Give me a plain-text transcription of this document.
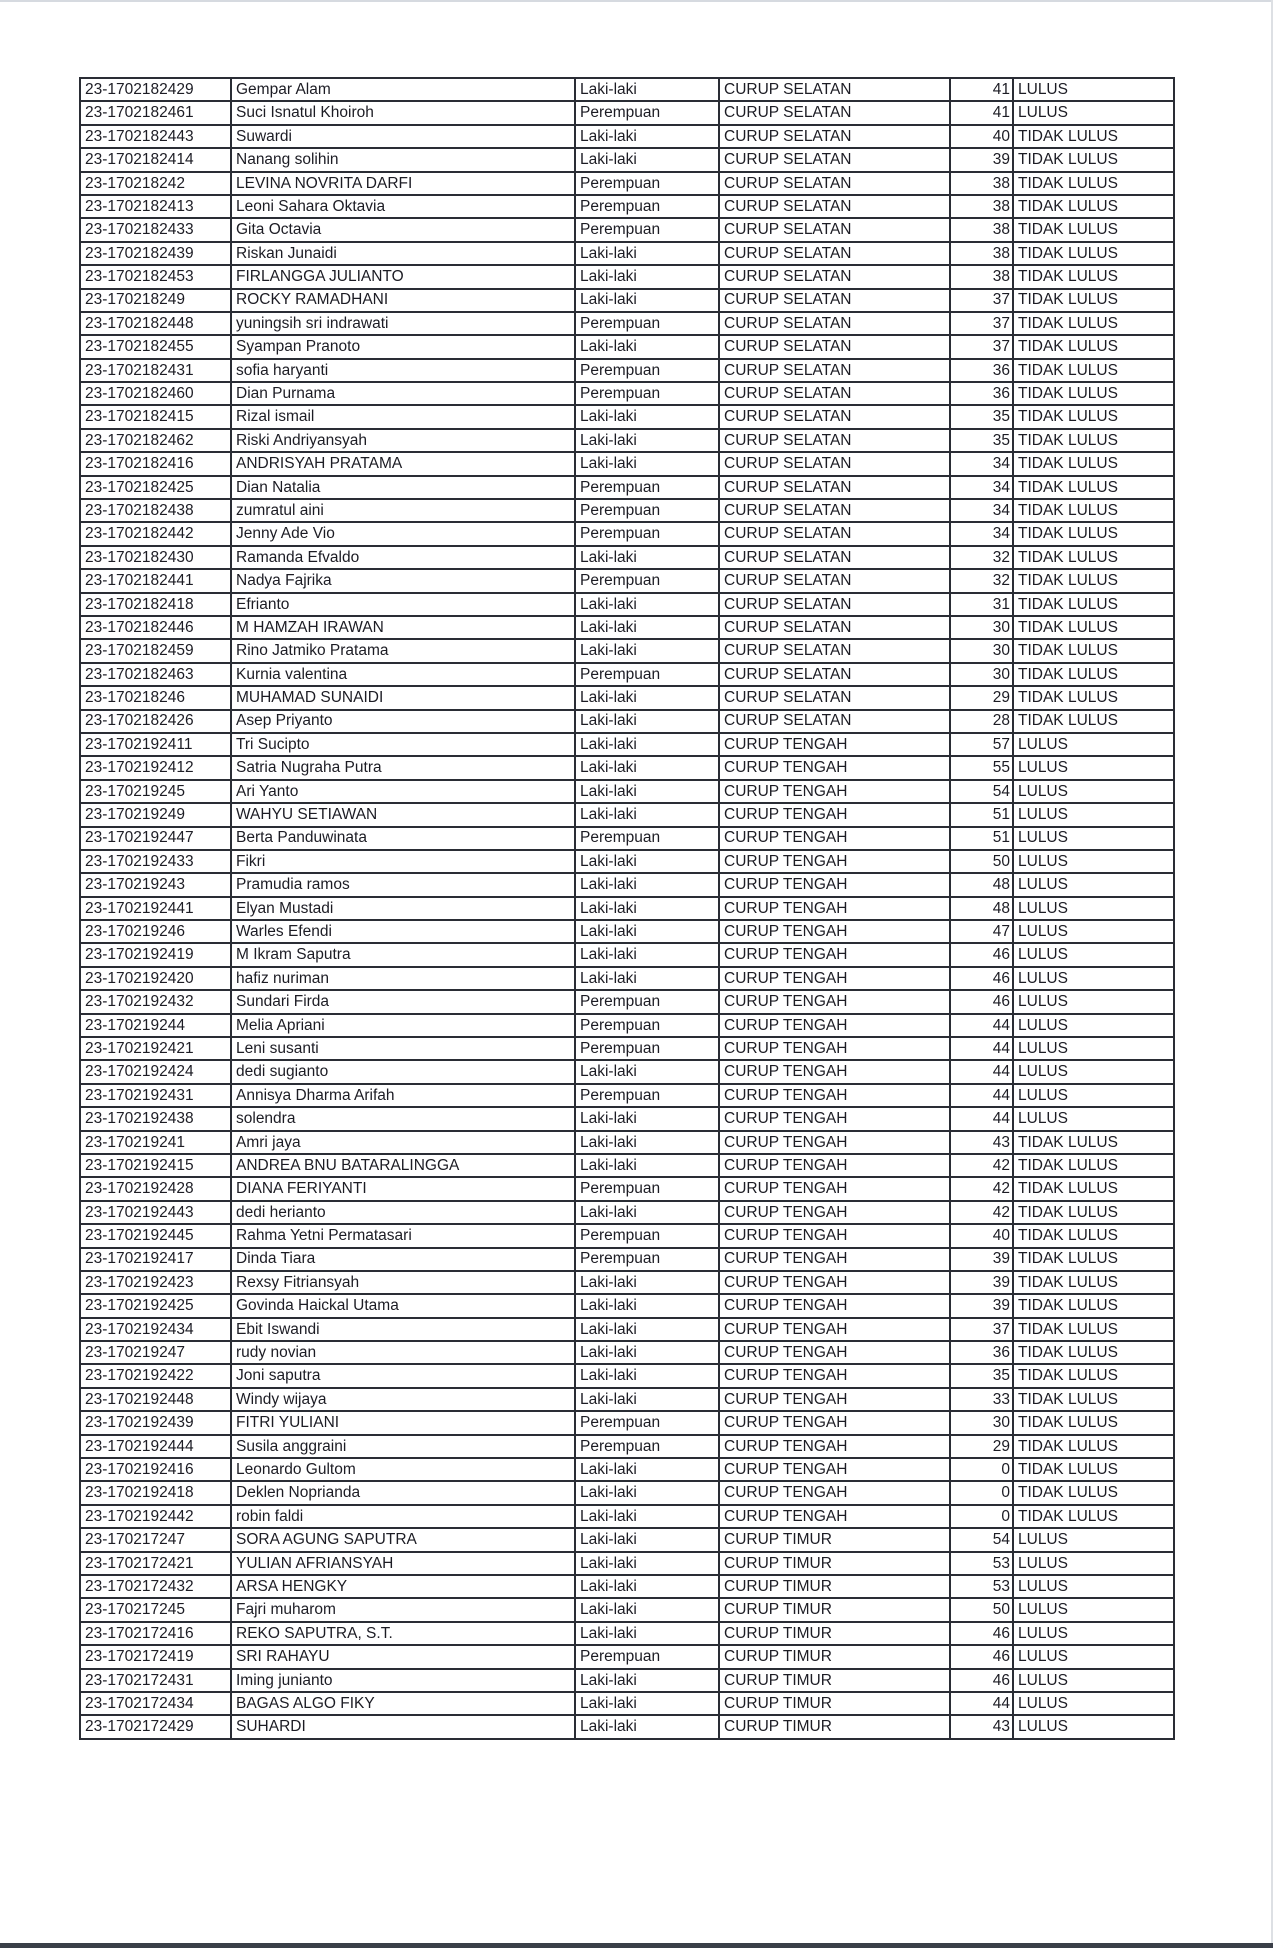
23-1702182429	Gempar Alam	Laki-laki	CURUP SELATAN	41	LULUS
23-1702182461	Suci Isnatul Khoiroh	Perempuan	CURUP SELATAN	41	LULUS
23-1702182443	Suwardi	Laki-laki	CURUP SELATAN	40	TIDAK LULUS
23-1702182414	Nanang solihin	Laki-laki	CURUP SELATAN	39	TIDAK LULUS
23-170218242	LEVINA NOVRITA DARFI	Perempuan	CURUP SELATAN	38	TIDAK LULUS
23-1702182413	Leoni Sahara Oktavia	Perempuan	CURUP SELATAN	38	TIDAK LULUS
23-1702182433	Gita Octavia	Perempuan	CURUP SELATAN	38	TIDAK LULUS
23-1702182439	Riskan Junaidi	Laki-laki	CURUP SELATAN	38	TIDAK LULUS
23-1702182453	FIRLANGGA JULIANTO	Laki-laki	CURUP SELATAN	38	TIDAK LULUS
23-170218249	ROCKY RAMADHANI	Laki-laki	CURUP SELATAN	37	TIDAK LULUS
23-1702182448	yuningsih sri indrawati	Perempuan	CURUP SELATAN	37	TIDAK LULUS
23-1702182455	Syampan Pranoto	Laki-laki	CURUP SELATAN	37	TIDAK LULUS
23-1702182431	sofia haryanti	Perempuan	CURUP SELATAN	36	TIDAK LULUS
23-1702182460	Dian Purnama	Perempuan	CURUP SELATAN	36	TIDAK LULUS
23-1702182415	Rizal ismail	Laki-laki	CURUP SELATAN	35	TIDAK LULUS
23-1702182462	Riski Andriyansyah	Laki-laki	CURUP SELATAN	35	TIDAK LULUS
23-1702182416	ANDRISYAH PRATAMA	Laki-laki	CURUP SELATAN	34	TIDAK LULUS
23-1702182425	Dian Natalia	Perempuan	CURUP SELATAN	34	TIDAK LULUS
23-1702182438	zumratul aini	Perempuan	CURUP SELATAN	34	TIDAK LULUS
23-1702182442	Jenny Ade Vio	Perempuan	CURUP SELATAN	34	TIDAK LULUS
23-1702182430	Ramanda Efvaldo	Laki-laki	CURUP SELATAN	32	TIDAK LULUS
23-1702182441	Nadya Fajrika	Perempuan	CURUP SELATAN	32	TIDAK LULUS
23-1702182418	Efrianto	Laki-laki	CURUP SELATAN	31	TIDAK LULUS
23-1702182446	M HAMZAH IRAWAN	Laki-laki	CURUP SELATAN	30	TIDAK LULUS
23-1702182459	Rino Jatmiko Pratama	Laki-laki	CURUP SELATAN	30	TIDAK LULUS
23-1702182463	Kurnia valentina	Perempuan	CURUP SELATAN	30	TIDAK LULUS
23-170218246	MUHAMAD SUNAIDI	Laki-laki	CURUP SELATAN	29	TIDAK LULUS
23-1702182426	Asep Priyanto	Laki-laki	CURUP SELATAN	28	TIDAK LULUS
23-1702192411	Tri Sucipto	Laki-laki	CURUP TENGAH	57	LULUS
23-1702192412	Satria Nugraha Putra	Laki-laki	CURUP TENGAH	55	LULUS
23-170219245	Ari Yanto	Laki-laki	CURUP TENGAH	54	LULUS
23-170219249	WAHYU SETIAWAN	Laki-laki	CURUP TENGAH	51	LULUS
23-1702192447	Berta Panduwinata	Perempuan	CURUP TENGAH	51	LULUS
23-1702192433	Fikri	Laki-laki	CURUP TENGAH	50	LULUS
23-170219243	Pramudia ramos	Laki-laki	CURUP TENGAH	48	LULUS
23-1702192441	Elyan Mustadi	Laki-laki	CURUP TENGAH	48	LULUS
23-170219246	Warles Efendi	Laki-laki	CURUP TENGAH	47	LULUS
23-1702192419	M Ikram Saputra	Laki-laki	CURUP TENGAH	46	LULUS
23-1702192420	hafiz nuriman	Laki-laki	CURUP TENGAH	46	LULUS
23-1702192432	Sundari Firda	Perempuan	CURUP TENGAH	46	LULUS
23-170219244	Melia Apriani	Perempuan	CURUP TENGAH	44	LULUS
23-1702192421	Leni susanti	Perempuan	CURUP TENGAH	44	LULUS
23-1702192424	dedi sugianto	Laki-laki	CURUP TENGAH	44	LULUS
23-1702192431	Annisya Dharma Arifah	Perempuan	CURUP TENGAH	44	LULUS
23-1702192438	solendra	Laki-laki	CURUP TENGAH	44	LULUS
23-170219241	Amri jaya	Laki-laki	CURUP TENGAH	43	TIDAK LULUS
23-1702192415	ANDREA BNU BATARALINGGA	Laki-laki	CURUP TENGAH	42	TIDAK LULUS
23-1702192428	DIANA FERIYANTI	Perempuan	CURUP TENGAH	42	TIDAK LULUS
23-1702192443	dedi herianto	Laki-laki	CURUP TENGAH	42	TIDAK LULUS
23-1702192445	Rahma Yetni Permatasari	Perempuan	CURUP TENGAH	40	TIDAK LULUS
23-1702192417	Dinda Tiara	Perempuan	CURUP TENGAH	39	TIDAK LULUS
23-1702192423	Rexsy Fitriansyah	Laki-laki	CURUP TENGAH	39	TIDAK LULUS
23-1702192425	Govinda Haickal Utama	Laki-laki	CURUP TENGAH	39	TIDAK LULUS
23-1702192434	Ebit Iswandi	Laki-laki	CURUP TENGAH	37	TIDAK LULUS
23-170219247	rudy novian	Laki-laki	CURUP TENGAH	36	TIDAK LULUS
23-1702192422	Joni saputra	Laki-laki	CURUP TENGAH	35	TIDAK LULUS
23-1702192448	Windy wijaya	Laki-laki	CURUP TENGAH	33	TIDAK LULUS
23-1702192439	FITRI YULIANI	Perempuan	CURUP TENGAH	30	TIDAK LULUS
23-1702192444	Susila anggraini	Perempuan	CURUP TENGAH	29	TIDAK LULUS
23-1702192416	Leonardo Gultom	Laki-laki	CURUP TENGAH	0	TIDAK LULUS
23-1702192418	Deklen Noprianda	Laki-laki	CURUP TENGAH	0	TIDAK LULUS
23-1702192442	robin faldi	Laki-laki	CURUP TENGAH	0	TIDAK LULUS
23-170217247	SORA AGUNG SAPUTRA	Laki-laki	CURUP TIMUR	54	LULUS
23-1702172421	YULIAN AFRIANSYAH	Laki-laki	CURUP TIMUR	53	LULUS
23-1702172432	ARSA HENGKY	Laki-laki	CURUP TIMUR	53	LULUS
23-170217245	Fajri muharom	Laki-laki	CURUP TIMUR	50	LULUS
23-1702172416	REKO SAPUTRA, S.T.	Laki-laki	CURUP TIMUR	46	LULUS
23-1702172419	SRI RAHAYU	Perempuan	CURUP TIMUR	46	LULUS
23-1702172431	Iming junianto	Laki-laki	CURUP TIMUR	46	LULUS
23-1702172434	BAGAS ALGO FIKY	Laki-laki	CURUP TIMUR	44	LULUS
23-1702172429	SUHARDI	Laki-laki	CURUP TIMUR	43	LULUS
